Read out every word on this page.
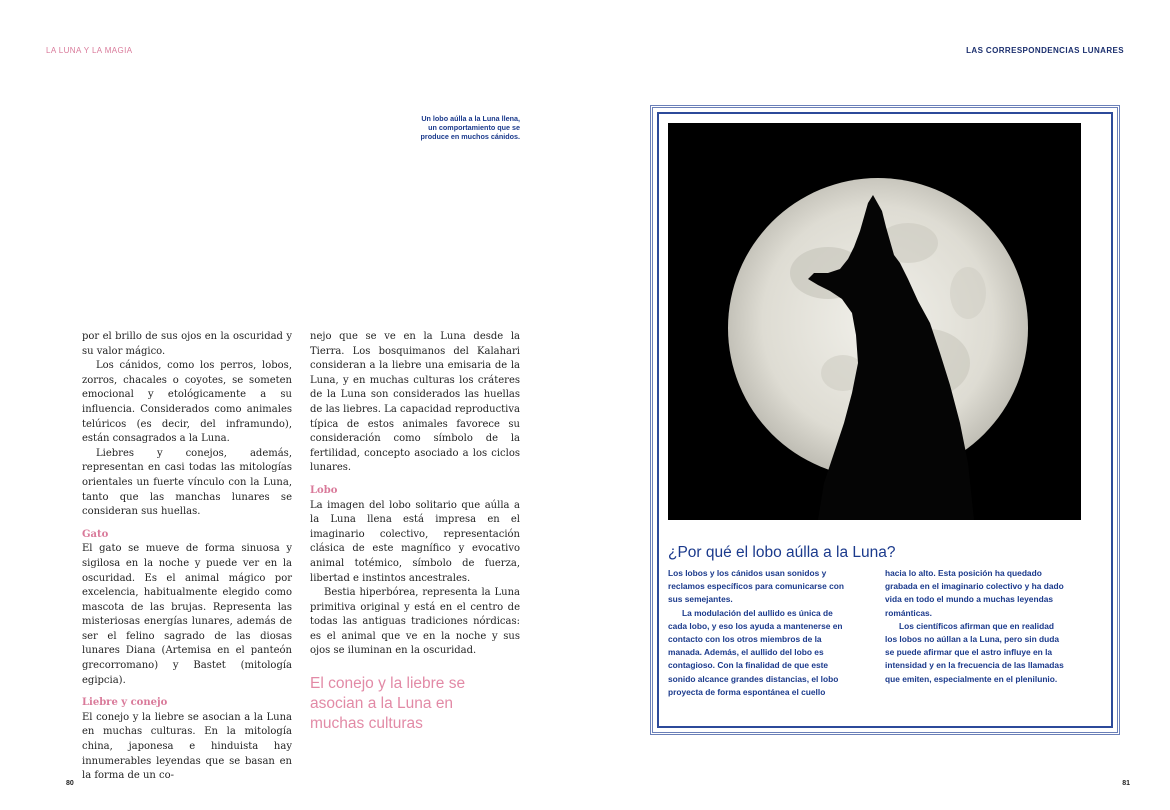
LA LUNA Y LA MAGIA	LAS CORRESPONDENCIAS LUNARES
Un lobo aúlla a la Luna llena, un comportamiento que se produce en muchos cánidos.

por el brillo de sus ojos en la oscuridad y su valor mágico.

Los cánidos, como los perros, lobos, zorros, chacales o coyotes, se someten emocional y etológicamente a su influencia. Considerados como animales telúricos (es decir, del inframundo), están consagrados a la Luna.

Liebres y conejos, además, representan en casi todas las mitologías orientales un fuerte vínculo con la Luna, tanto que las manchas lunares se consideran sus huellas.

Gato

El gato se mueve de forma sinuosa y sigilosa en la noche y puede ver en la oscuridad. Es el animal mágico por excelencia, habitualmente elegido como mascota de las brujas. Representa las misteriosas energías lunares, además de ser el felino sagrado de las diosas lunares Diana (Artemisa en el panteón grecorromano) y Bastet (mitología egipcia).

Liebre y conejo

El conejo y la liebre se asocian a la Luna en muchas culturas. En la mitología china, japonesa e hinduista hay innumerables leyendas que se basan en la forma de un co-

nejo que se ve en la Luna desde la Tierra. Los bosquimanos del Kalahari consideran a la liebre una emisaria de la Luna, y en muchas culturas los cráteres de la Luna son considerados las huellas de las liebres. La capacidad reproductiva típica de estos animales favorece su consideración como símbolo de la fertilidad, concepto asociado a los ciclos lunares.

Lobo

La imagen del lobo solitario que aúlla a la Luna llena está impresa en el imaginario colectivo, representación clásica de este magnífico y evocativo animal totémico, símbolo de fuerza, libertad e instintos ancestrales.

Bestia hiperbórea, representa la Luna primitiva original y está en el centro de todas las antiguas tradiciones nórdicas: es el animal que ve en la noche y sus ojos se iluminan en la oscuridad.

El conejo y la liebre se asocian a la Luna en muchas culturas
80	81
¿Por qué el lobo aúlla a la Luna?

Los lobos y los cánidos usan sonidos y reclamos específicos para comunicarse con sus semejantes.

La modulación del aullido es única de cada lobo, y eso los ayuda a mantenerse en contacto con los otros miembros de la manada. Además, el aullido del lobo es contagioso. Con la finalidad de que este sonido alcance grandes distancias, el lobo proyecta de forma espontánea el cuello

hacia lo alto. Esta posición ha quedado grabada en el imaginario colectivo y ha dado vida en todo el mundo a muchas leyendas románticas.

Los científicos afirman que en realidad los lobos no aúllan a la Luna, pero sin duda se puede afirmar que el astro influye en la intensidad y en la frecuencia de las llamadas que emiten, especialmente en el plenilunio.
